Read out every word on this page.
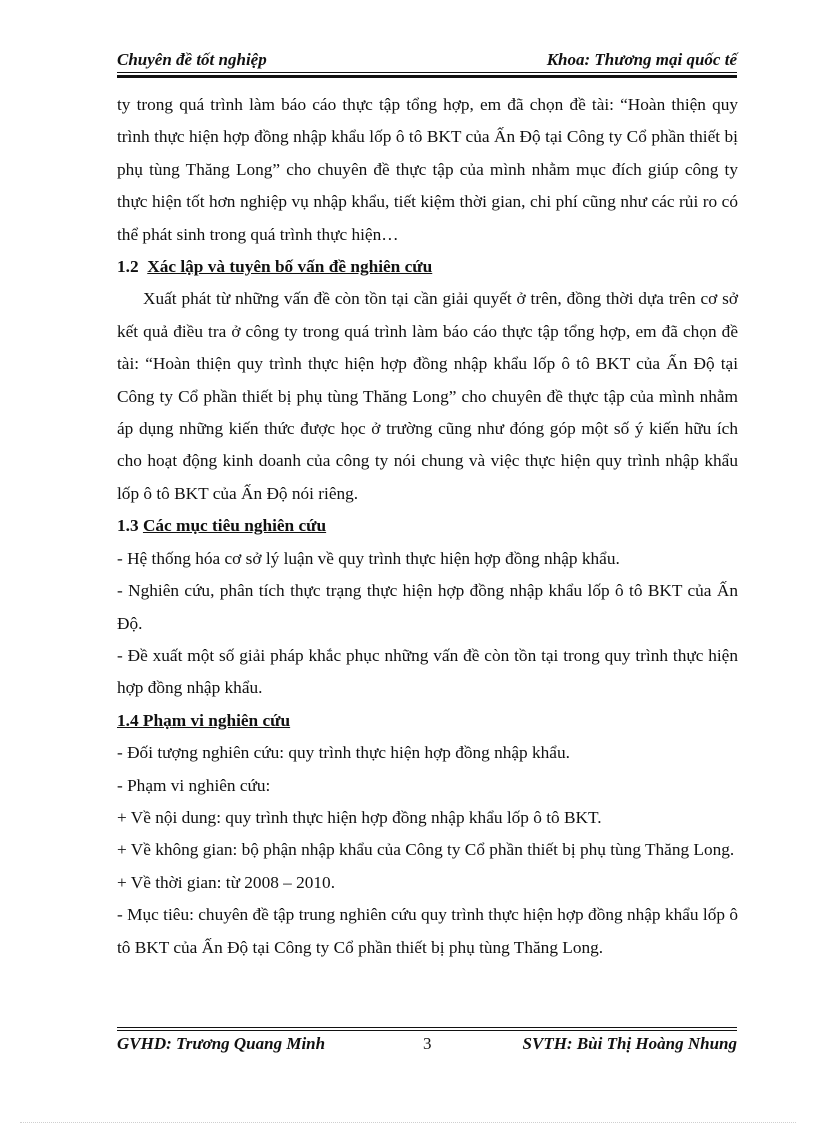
Chuyên đề tốt nghiệp	Khoa: Thương mại quốc tế

ty trong quá trình làm báo cáo thực tập tổng hợp, em đã chọn đề tài: “Hoàn thiện quy trình thực hiện hợp đồng nhập khẩu lốp ô tô BKT của Ấn Độ tại Công ty Cổ phần thiết bị phụ tùng Thăng Long” cho chuyên đề thực tập của mình nhằm mục đích giúp công ty thực hiện tốt hơn nghiệp vụ nhập khẩu, tiết kiệm thời gian, chi phí cũng như các rủi ro có thể phát sinh trong quá trình thực hiện…

1.2 Xác lập và tuyên bố vấn đề nghiên cứu

Xuất phát từ những vấn đề còn tồn tại cần giải quyết ở trên, đồng thời dựa trên cơ sở kết quả điều tra ở công ty trong quá trình làm báo cáo thực tập tổng hợp, em đã chọn đề tài: “Hoàn thiện quy trình thực hiện hợp đồng nhập khẩu lốp ô tô BKT của Ấn Độ tại Công ty Cổ phần thiết bị phụ tùng Thăng Long” cho chuyên đề thực tập của mình nhằm áp dụng những kiến thức được học ở trường cũng như đóng góp một số ý kiến hữu ích cho hoạt động kinh doanh của công ty nói chung và việc thực hiện quy trình nhập khẩu lốp ô tô BKT của Ấn Độ nói riêng.

1.3 Các mục tiêu nghiên cứu

- Hệ thống hóa cơ sở lý luận về quy trình thực hiện hợp đồng nhập khẩu.

- Nghiên cứu, phân tích thực trạng thực hiện hợp đồng nhập khẩu lốp ô tô BKT của Ấn Độ.

- Đề xuất một số giải pháp khắc phục những vấn đề còn tồn tại trong quy trình thực hiện hợp đồng nhập khẩu.

1.4 Phạm vi nghiên cứu

- Đối tượng nghiên cứu: quy trình thực hiện hợp đồng nhập khẩu.

- Phạm vi nghiên cứu:

+ Về nội dung: quy trình thực hiện hợp đồng nhập khẩu lốp ô tô BKT.

+ Về không gian: bộ phận nhập khẩu của Công ty Cổ phần thiết bị phụ tùng Thăng Long.

+ Về thời gian: từ 2008 – 2010.

- Mục tiêu: chuyên đề tập trung nghiên cứu quy trình thực hiện hợp đồng nhập khẩu lốp ô tô BKT của Ấn Độ tại Công ty Cổ phần thiết bị phụ tùng Thăng Long.

GVHD: Trương Quang Minh	3	SVTH: Bùi Thị Hoàng Nhung
